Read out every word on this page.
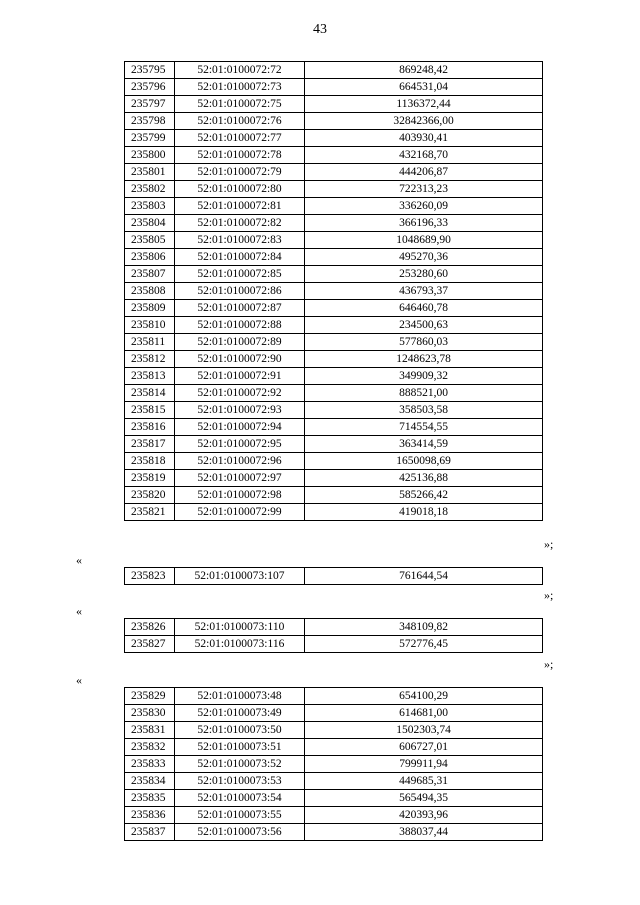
43
235795	52:01:0100072:72	869248,42
235796	52:01:0100072:73	664531,04
235797	52:01:0100072:75	1136372,44
235798	52:01:0100072:76	32842366,00
235799	52:01:0100072:77	403930,41
235800	52:01:0100072:78	432168,70
235801	52:01:0100072:79	444206,87
235802	52:01:0100072:80	722313,23
235803	52:01:0100072:81	336260,09
235804	52:01:0100072:82	366196,33
235805	52:01:0100072:83	1048689,90
235806	52:01:0100072:84	495270,36
235807	52:01:0100072:85	253280,60
235808	52:01:0100072:86	436793,37
235809	52:01:0100072:87	646460,78
235810	52:01:0100072:88	234500,63
235811	52:01:0100072:89	577860,03
235812	52:01:0100072:90	1248623,78
235813	52:01:0100072:91	349909,32
235814	52:01:0100072:92	888521,00
235815	52:01:0100072:93	358503,58
235816	52:01:0100072:94	714554,55
235817	52:01:0100072:95	363414,59
235818	52:01:0100072:96	1650098,69
235819	52:01:0100072:97	425136,88
235820	52:01:0100072:98	585266,42
235821	52:01:0100072:99	419018,18
»;
«
235823	52:01:0100073:107	761644,54
»;
«
235826	52:01:0100073:110	348109,82
235827	52:01:0100073:116	572776,45
»;
«
235829	52:01:0100073:48	654100,29
235830	52:01:0100073:49	614681,00
235831	52:01:0100073:50	1502303,74
235832	52:01:0100073:51	606727,01
235833	52:01:0100073:52	799911,94
235834	52:01:0100073:53	449685,31
235835	52:01:0100073:54	565494,35
235836	52:01:0100073:55	420393,96
235837	52:01:0100073:56	388037,44
